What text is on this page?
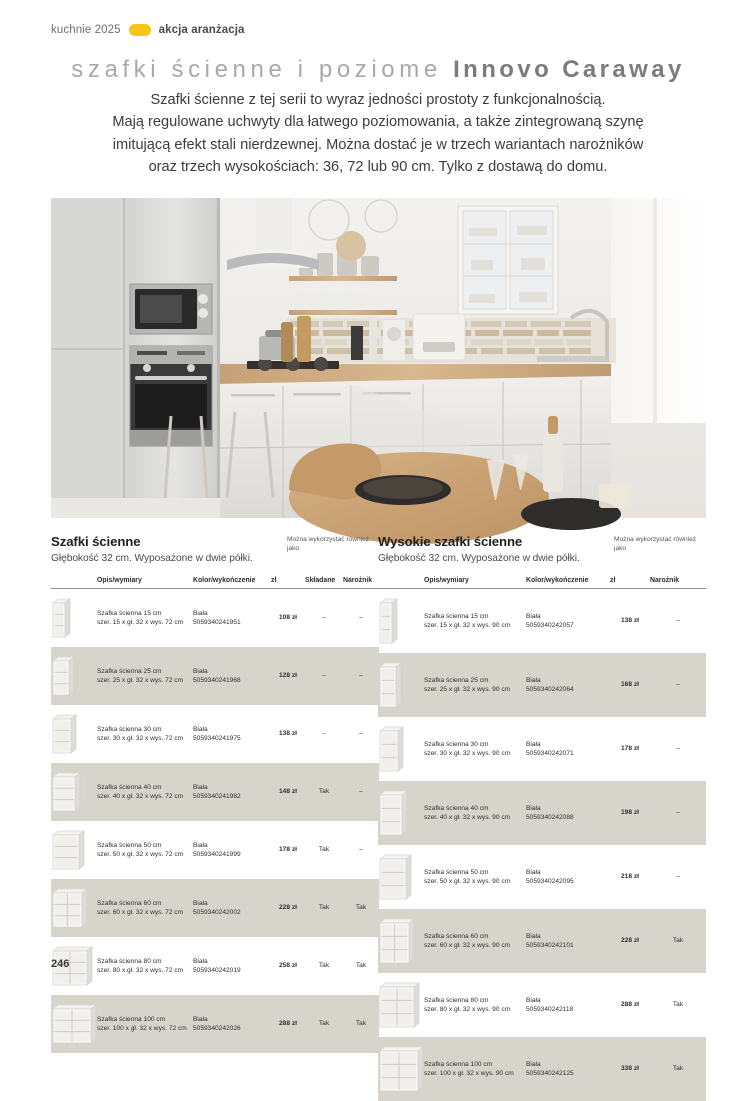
kuchnie 2025	akcja aranżacja
szafki ścienne i poziome Innovo Caraway
Szafki ścienne z tej serii to wyraz jedności prostoty z funkcjonalnością.
Mają regulowane uchwyty dla łatwego poziomowania, a także zintegrowaną szynę
imitującą efekt stali nierdzewnej. Można dostać je w trzech wariantach narożników
oraz trzech wysokościach: 36, 72 lub 90 cm. Tylko z dostawą do domu.
Szafki ścienne
Głębokość 32 cm. Wyposażone w dwie półki.
Można wykorzystać również jako
	Opis/wymiary	Kolor/wykończenie	zł	Składane	Narożnik

	Szafka ścienna 15 cm
szer. 15 x gł. 32 x wys. 72 cm	Biała
5059340241951	108 zł	–	–

	Szafka ścienna 25 cm
szer. 25 x gł. 32 x wys. 72 cm	Biała
5059340241968	128 zł	–	–

	Szafka ścienna 30 cm
szer. 30 x gł. 32 x wys. 72 cm	Biała
5059340241975	138 zł	–	–

	Szafka ścienna 40 cm
szer. 40 x gł. 32 x wys. 72 cm	Biała
5059340241982	148 zł	Tak	–

	Szafka ścienna 50 cm
szer. 50 x gł. 32 x wys. 72 cm	Biała
5059340241999	178 zł	Tak	–

	Szafka ścienna 60 cm
szer. 60 x gł. 32 x wys. 72 cm	Biała
5059340242002	228 zł	Tak	Tak

	Szafka ścienna 80 cm
szer. 80 x gł. 32 x wys. 72 cm	Biała
5059340242019	258 zł	Tak	Tak

	Szafka ścienna 100 cm
szer. 100 x gł. 32 x wys. 72 cm	Biała
5059340242026	288 zł	Tak	Tak
Wysokie szafki ścienne
Głębokość 32 cm. Wyposażone w dwie półki.
Można wykorzystać również jako
	Opis/wymiary	Kolor/wykończenie	zł	Narożnik

	Szafka ścienna 15 cm
szer. 15 x gł. 32 x wys. 90 cm	Biała
5059340242057	138 zł	–

	Szafka ścienna 25 cm
szer. 25 x gł. 32 x wys. 90 cm	Biała
5059340242064	168 zł	–

	Szafka ścienna 30 cm
szer. 30 x gł. 32 x wys. 90 cm	Biała
5059340242071	178 zł	–

	Szafka ścienna 40 cm
szer. 40 x gł. 32 x wys. 90 cm	Biała
5059340242088	198 zł	–

	Szafka ścienna 50 cm
szer. 50 x gł. 32 x wys. 90 cm	Biała
5059340242095	218 zł	–

	Szafka ścienna 60 cm
szer. 60 x gł. 32 x wys. 90 cm	Biała
5059340242101	228 zł	Tak

	Szafka ścienna 80 cm
szer. 80 x gł. 32 x wys. 90 cm	Biała
5059340242118	288 zł	Tak

	Szafka ścienna 100 cm
szer. 100 x gł. 32 x wys. 90 cm	Biała
5059340242125	338 zł	Tak
246
